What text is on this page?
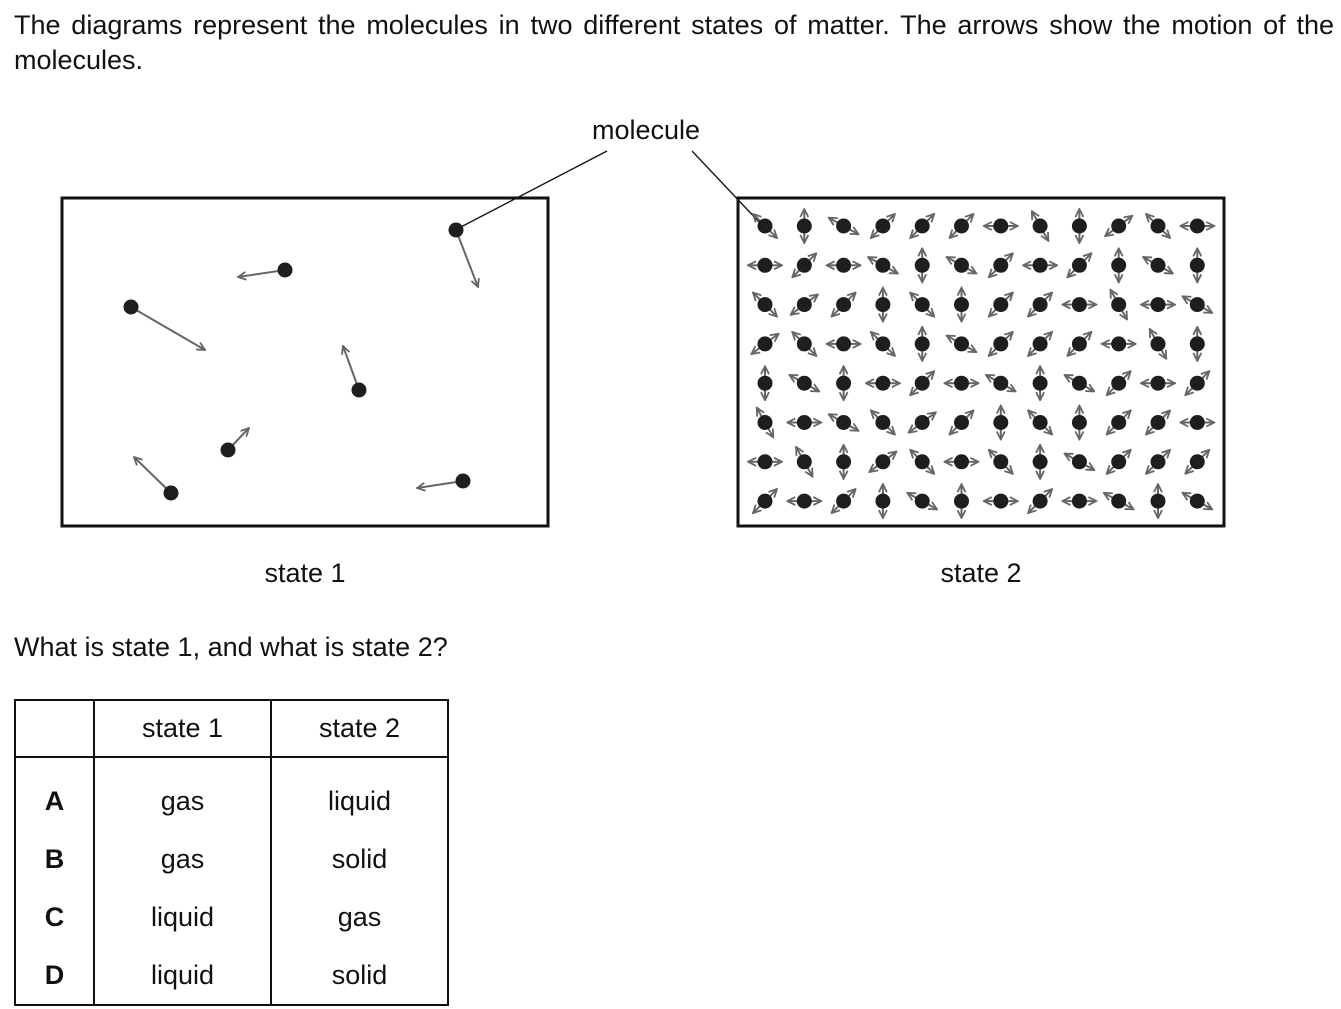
The diagrams represent the molecules in two different states of matter. The arrows show the motion of the molecules.

molecule
state 1	state 2

What is state 1, and what is state 2?

	state 1	state 2
A	gas	liquid
B	gas	solid
C	liquid	gas
D	liquid	solid
